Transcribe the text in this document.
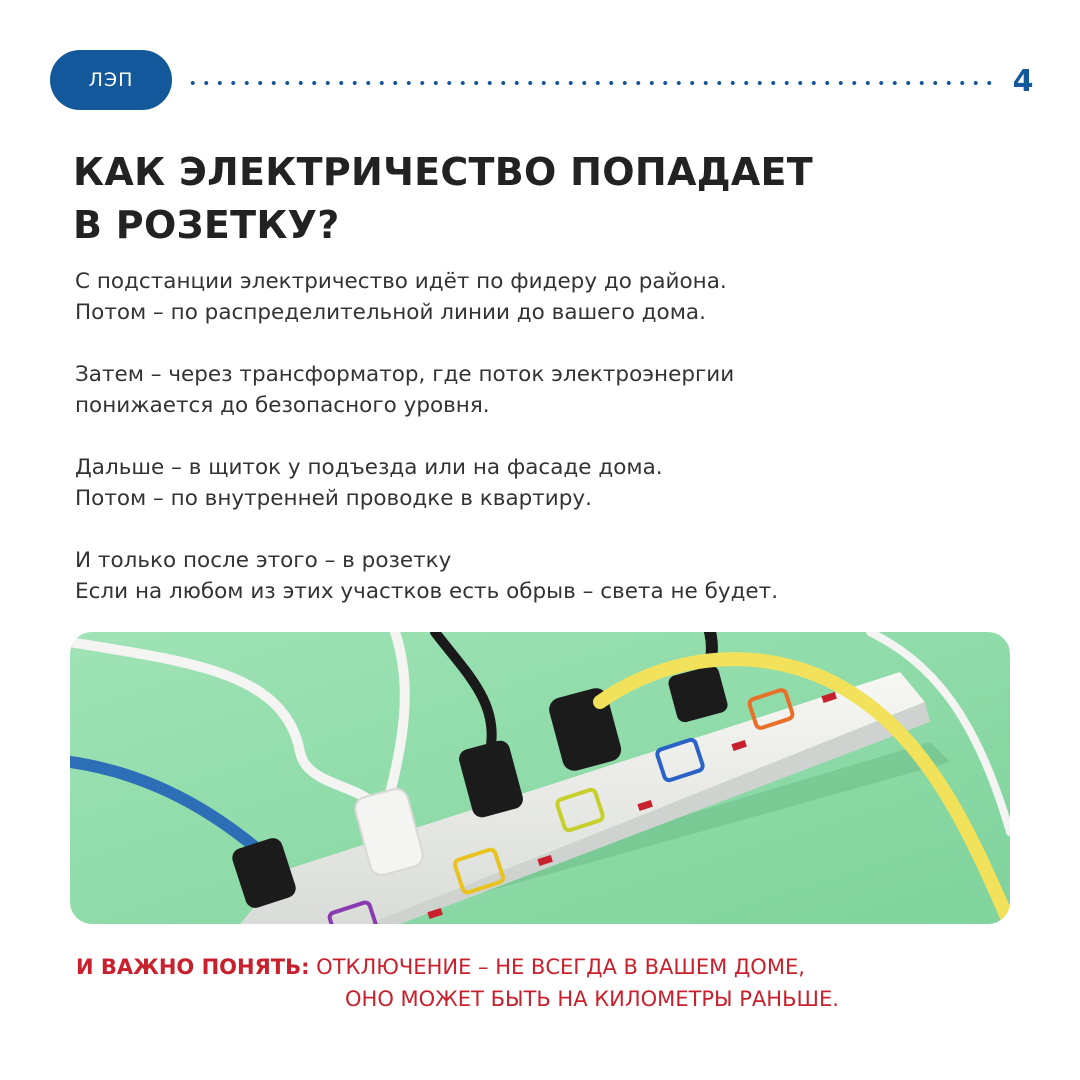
ЛЭП	4
КАК ЭЛЕКТРИЧЕСТВО ПОПАДАЕТ
В РОЗЕТКУ?

С подстанции электричество идёт по фидеру до района.
Потом – по распределительной линии до вашего дома.

Затем – через трансформатор, где поток электроэнергии
понижается до безопасного уровня.

Дальше – в щиток у подъезда или на фасаде дома.
Потом – по внутренней проводке в квартиру.

И только после этого – в розетку
Если на любом из этих участков есть обрыв – света не будет.

И ВАЖНО ПОНЯТЬ: ОТКЛЮЧЕНИЕ – НЕ ВСЕГДА В ВАШЕМ ДОМЕ,
ОНО МОЖЕТ БЫТЬ НА КИЛОМЕТРЫ РАНЬШЕ.
